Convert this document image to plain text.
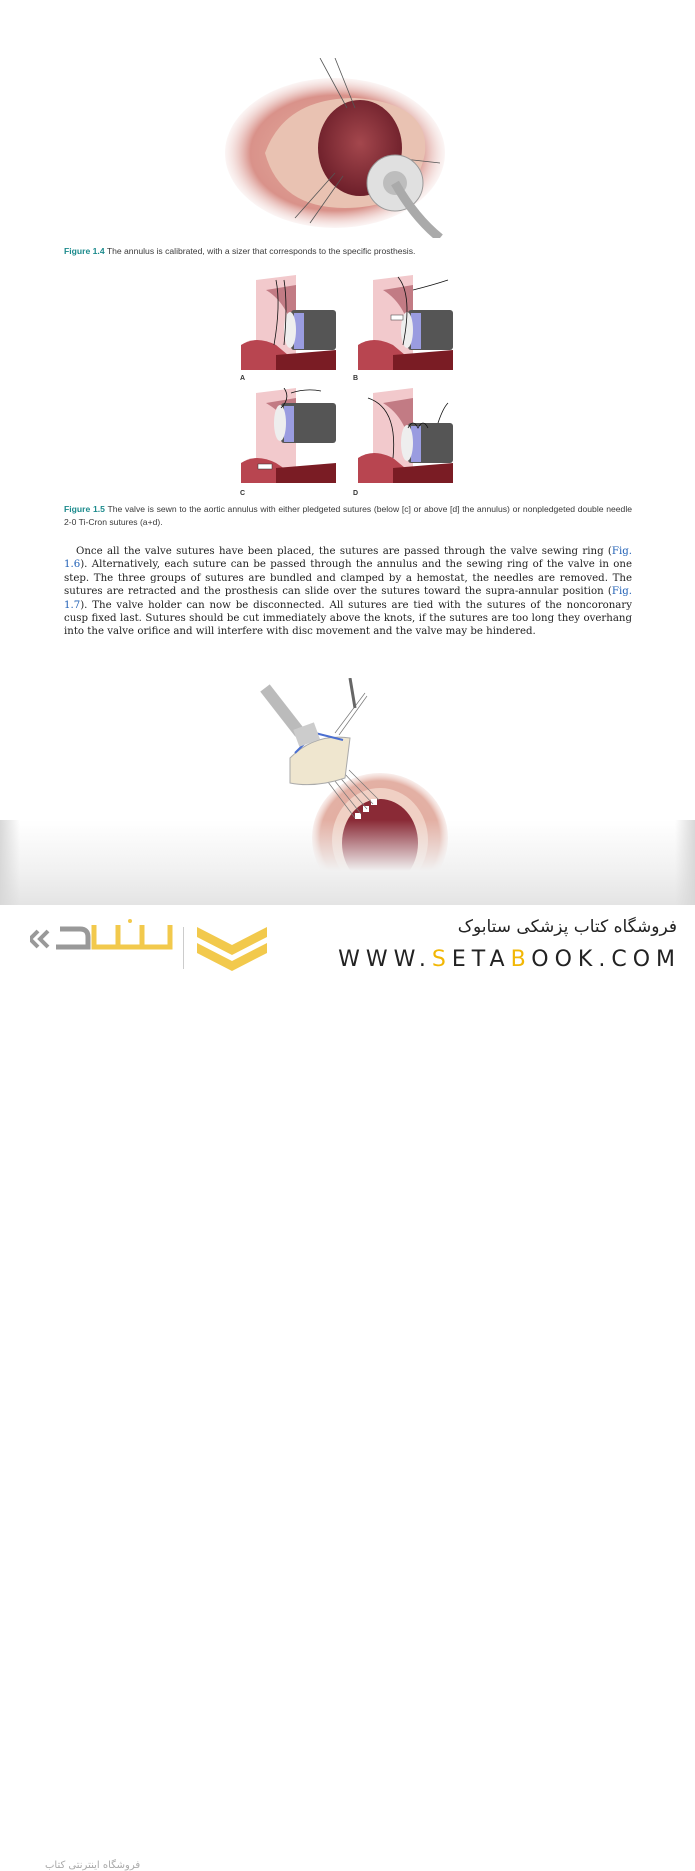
Figure 1.4 The annulus is calibrated, with a sizer that corresponds to the specific prosthesis.
A	B
C	D
Figure 1.5 The valve is sewn to the aortic annulus with either pledgeted sutures (below [c] or above [d] the annulus) or nonpledgeted double needle 2-0 Ti-Cron sutures (a+d).
Once all the valve sutures have been placed, the sutures are passed through the valve sewing ring (Fig. 1.6). Alternatively, each suture can be passed through the annulus and the sewing ring of the valve in one step. The three groups of sutures are bundled and clamped by a hemostat, the needles are removed. The sutures are retracted and the prosthesis can slide over the sutures toward the supra-annular position (Fig. 1.7). The valve holder can now be disconnected. All sutures are tied with the sutures of the noncoronary cusp fixed last. Sutures should be cut immediately above the knots, if the sutures are too long they overhang into the valve orifice and will interfere with disc movement and the valve may be hindered.
فروشگاه اینترنتی کتاب
فروشگاه کتاب پزشکی ستابوک
WWW.SETABOOK.COM
